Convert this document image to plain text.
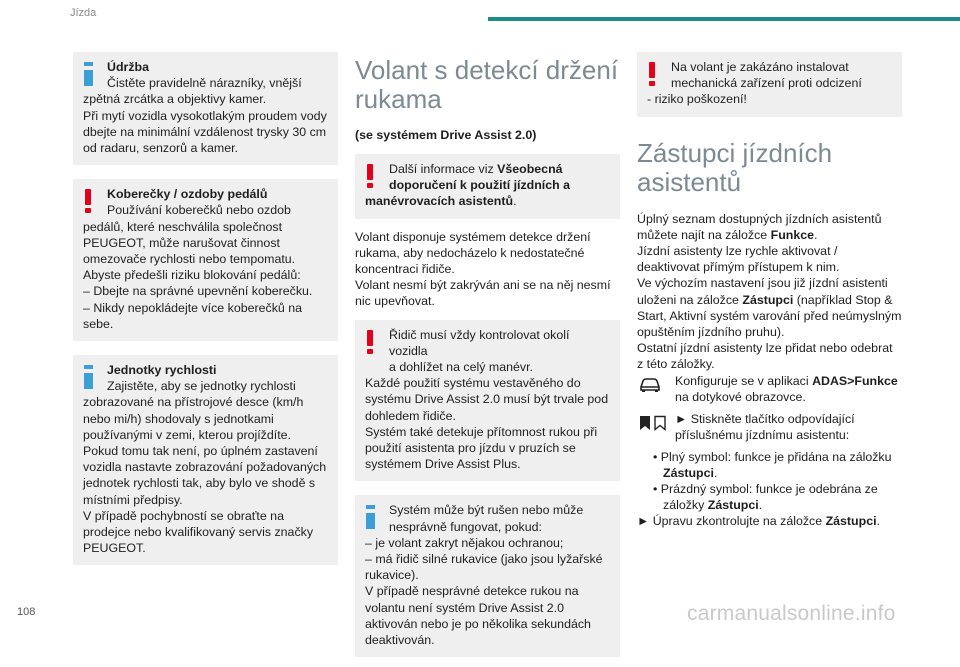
Jízda
Údržba
Čistěte pravidelně nárazníky, vnější
zpětná zrcátka a objektivy kamer.
Při mytí vozidla vysokotlakým proudem vody dbejte na minimální vzdálenost trysky 30 cm od radaru, senzorů a kamer.
Koberečky / ozdoby pedálů
Používání koberečků nebo ozdob
pedálů, které neschválila společnost PEUGEOT, může narušovat činnost omezovače rychlosti nebo tempomatu.
Abyste předešli riziku blokování pedálů:
– Dbejte na správné upevnění koberečku.
– Nikdy nepokládejte více koberečků na sebe.
Jednotky rychlosti
Zajistěte, aby se jednotky rychlosti
zobrazované na přístrojové desce (km/h nebo mi/h) shodovaly s jednotkami používanými v zemi, kterou projíždíte.
Pokud tomu tak není, po úplném zastavení vozidla nastavte zobrazování požadovaných jednotek rychlosti tak, aby bylo ve shodě s místními předpisy.
V případě pochybností se obraťte na prodejce nebo kvalifikovaný servis značky PEUGEOT.
Volant s detekcí držení rukama
(se systémem Drive Assist 2.0)
Další informace viz Všeobecná
doporučení k použití jízdních a manévrovacích asistentů.
Volant disponuje systémem detekce držení rukama, aby nedocházelo k nedostatečné koncentraci řidiče.
Volant nesmí být zakrýván ani se na něj nesmí nic upevňovat.
Řidič musí vždy kontrolovat okolí vozidla
a dohlížet na celý manévr.
Každé použití systému vestavěného do systému Drive Assist 2.0 musí být trvale pod dohledem řidiče.
Systém také detekuje přítomnost rukou při použití asistenta pro jízdu v pruzích se systémem Drive Assist Plus.
Systém může být rušen nebo může
nesprávně fungovat, pokud:
– je volant zakryt nějakou ochranou;
– má řidič silné rukavice (jako jsou lyžařské rukavice).
V případě nesprávné detekce rukou na volantu není systém Drive Assist 2.0 aktivován nebo je po několika sekundách deaktivován.
Na volant je zakázáno instalovat
mechanická zařízení proti odcizení
- riziko poškození!
Zástupci jízdních asistentů

Úplný seznam dostupných jízdních asistentů můžete najít na záložce Funkce.

Jízdní asistenty lze rychle aktivovat / deaktivovat přímým přístupem k nim.

Ve výchozím nastavení jsou již jízdní asistenti uloženi na záložce Zástupci (například Stop & Start, Aktivní systém varování před neúmyslným opuštěním jízdního pruhu).

Ostatní jízdní asistenty lze přidat nebo odebrat z této záložky.

Konfiguruje se v aplikaci ADAS>Funkce na dotykové obrazovce.
► Stiskněte tlačítko odpovídající příslušnému jízdnímu asistentu:
• Plný symbol: funkce je přidána na záložku Zástupci.
• Prázdný symbol: funkce je odebrána ze záložky Zástupci.
► Úpravu zkontrolujte na záložce Zástupci.
108	carmanualsonline.info
